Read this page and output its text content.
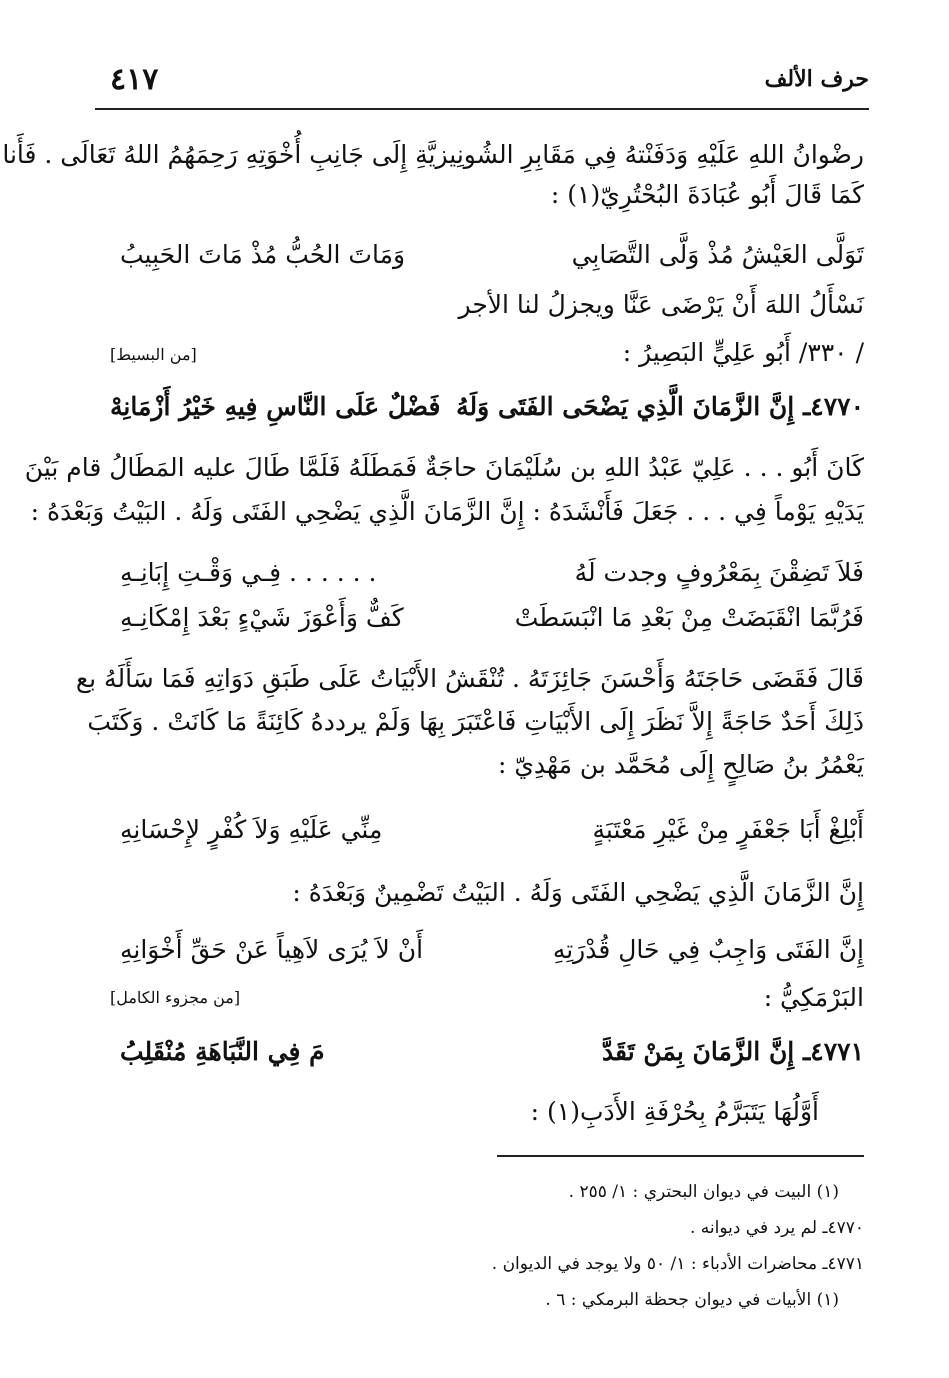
حرف الألف
٤١٧
رضْوانُ اللهِ عَلَيْهِ وَدَفَنْتهُ فِي مَقَابِرِ الشُونِيزيَّةِ إِلَى جَانِبِ أُخْوَتِهِ رَحِمَهُمُ اللهُ تَعَالَى . فَأَنا
كَمَا قَالَ أَبُو عُبَادَةَ البُحْتُرِيّ(١) :
تَوَلَّى العَيْشُ مُذْ وَلَّى التَّصَابِي
وَمَاتَ الحُبُّ مُذْ مَاتَ الحَبِيبُ
نَسْأَلُ اللهَ أَنْ يَرْضَى عَنَّا ويجزلُ لنا الأجر
/ ٣٣٠/ أَبُو عَلِيٍّ البَصِيرُ :
[من البسيط]
٤٧٧٠ـ إِنَّ الزَّمَانَ الَّذِي يَضْحَى الفَتَى وَلَهُ
فَضْلٌ عَلَى النَّاسِ فِيهِ خَيْرُ أَزْمَانِهْ
كَانَ أَبُو . . . عَلِيّ عَبْدُ اللهِ بن سُلَيْمَانَ حاجَةٌ فَمَطَلَهُ فَلَمَّا طَالَ عليه المَطَالُ قام بَيْنَ
يَدَيْهِ يَوْماً فِي . . . جَعَلَ فَأَنْشَدَهُ : إِنَّ الزَّمَانَ الَّذِي يَضْحِي الفَتَى وَلَهُ . البَيْتُ وَبَعْدَهُ :
فَلاَ تَضِقْنَ بِمَعْرُوفٍ وجدت لَهُ
. . . . . . فِـي وَقْـتِ إِبَانِـهِ
فَرُبَّمَا انْقَبَضَتْ مِنْ بَعْدِ مَا انْبَسَطَتْ
كَفٌّ وَأَعْوَزَ شَيْءٍ بَعْدَ إِمْكَانِـهِ
قَالَ فَقَضَى حَاجَتَهُ وَأَحْسَنَ جَائِزَتَهُ . تُنْقَشُ الأَبْيَاتُ عَلَى طَبَقِ دَوَاتِهِ فَمَا سَأَلَهُ بع
ذَلِكَ أَحَدٌ حَاجَةً إِلاَّ نَظَرَ إِلَى الأَبْيَاتِ فَاعْتَبَرَ بِهَا وَلَمْ يرددهُ كَائِنَةً مَا كَانَتْ . وَكَتَبَ
يَعْمُرُ بنُ صَالِحٍ إِلَى مُحَمَّد بن مَهْدِيّ :
أَبْلِغْ أَبَا جَعْفَرٍ مِنْ غَيْرِ مَعْتَبَةٍ
مِنِّي عَلَيْهِ وَلاَ كُفْرٍ لإِحْسَانِهِ
إِنَّ الزَّمَانَ الَّذِي يَضْحِي الفَتَى وَلَهُ . البَيْتُ تَضْمِينٌ وَبَعْدَهُ :
إِنَّ الفَتَى وَاجِبٌ فِي حَالِ قُدْرَتِهِ
أَنْ لاَ يُرَى لاَهِياً عَنْ حَقِّ أَخْوَانِهِ
البَرْمَكِيُّ :
[من مجزوء الكامل]
٤٧٧١ـ إِنَّ الزَّمَانَ بِمَنْ تَقَدَّ
مَ فِي النَّبَاهَةِ مُنْقَلِبُ
أَوَّلُهَا يَتَبَرَّمُ بِحُرْفَةِ الأَدَبِ(١) :
(١) البيت في ديوان البحتري : ١/ ٢٥٥ .
٤٧٧٠ـ لم يرد في ديوانه .
٤٧٧١ـ محاضرات الأدباء : ١/ ٥٠ ولا يوجد في الديوان .
(١) الأبيات في ديوان جحظة البرمكي : ٦ .
